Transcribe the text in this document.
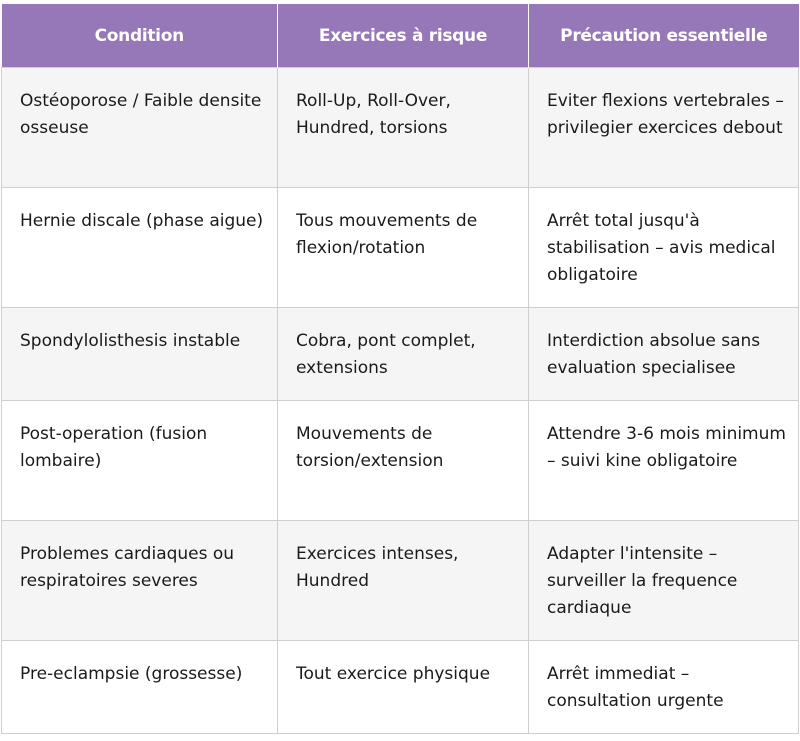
Condition	Exercices à risque	Précaution essentielle
Ostéoporose / Faible densite osseuse	Roll-Up, Roll-Over, Hundred, torsions	Eviter flexions vertebrales – privilegier exercices debout
Hernie discale (phase aigue)	Tous mouvements de flexion/rotation	Arrêt total jusqu'à stabilisation – avis medical obligatoire
Spondylolisthesis instable	Cobra, pont complet, extensions	Interdiction absolue sans evaluation specialisee
Post-operation (fusion lombaire)	Mouvements de torsion/extension	Attendre 3-6 mois minimum – suivi kine obligatoire
Problemes cardiaques ou respiratoires severes	Exercices intenses, Hundred	Adapter l'intensite – surveiller la frequence cardiaque
Pre-eclampsie (grossesse)	Tout exercice physique	Arrêt immediat – consultation urgente
